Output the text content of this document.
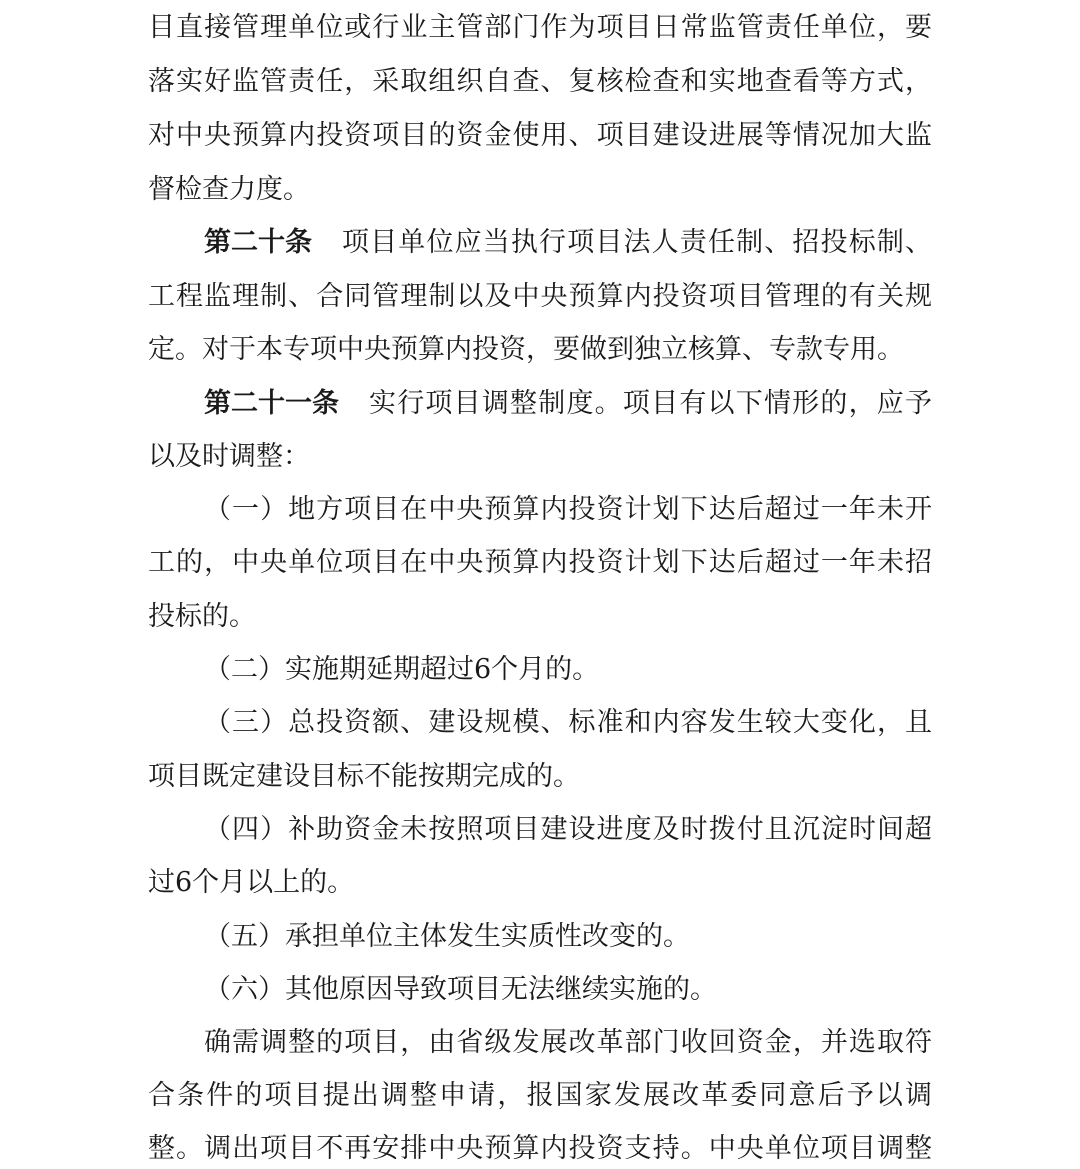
目直接管理单位或行业主管部门作为项目日常监管责任单位，要
落实好监管责任，采取组织自查、复核检查和实地查看等方式，
对中央预算内投资项目的资金使用、项目建设进展等情况加大监
督检查力度。
第二十条 项目单位应当执行项目法人责任制、招投标制、
工程监理制、合同管理制以及中央预算内投资项目管理的有关规
定。对于本专项中央预算内投资，要做到独立核算、专款专用。
第二十一条 实行项目调整制度。项目有以下情形的，应予
以及时调整：
（一）地方项目在中央预算内投资计划下达后超过一年未开
工的，中央单位项目在中央预算内投资计划下达后超过一年未招
投标的。
（二）实施期延期超过6个月的。
（三）总投资额、建设规模、标准和内容发生较大变化，且
项目既定建设目标不能按期完成的。
（四）补助资金未按照项目建设进度及时拨付且沉淀时间超
过6个月以上的。
（五）承担单位主体发生实质性改变的。
（六）其他原因导致项目无法继续实施的。
确需调整的项目，由省级发展改革部门收回资金，并选取符
合条件的项目提出调整申请，报国家发展改革委同意后予以调
整。调出项目不再安排中央预算内投资支持。中央单位项目调整
